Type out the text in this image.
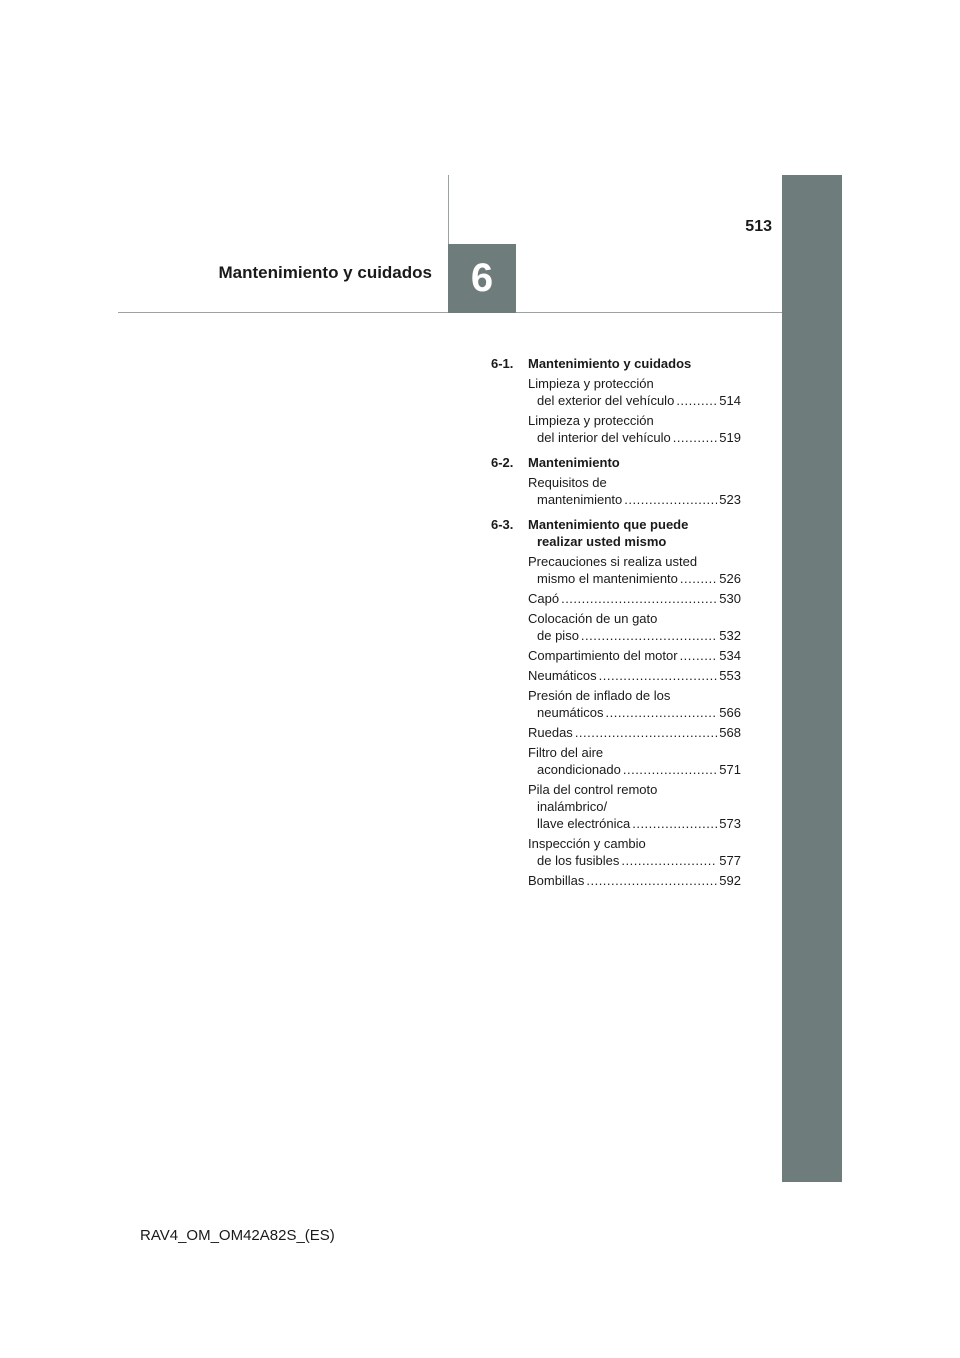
513
Mantenimiento y cuidados 6
6-1.	Mantenimiento y cuidados
Limpieza y protección
del exterior del vehículo .....	514
Limpieza y protección
del interior del vehículo .....	519
6-2.	Mantenimiento
Requisitos de
mantenimiento .....	523
6-3.	Mantenimiento que puede
realizar usted mismo
Precauciones si realiza usted
mismo el mantenimiento .....	526
Capó .....	530
Colocación de un gato
de piso .....	532
Compartimiento del motor .....	534
Neumáticos .....	553
Presión de inflado de los
neumáticos .....	566
Ruedas .....	568
Filtro del aire
acondicionado .....	571
Pila del control remoto
inalámbrico/
llave electrónica .....	573
Inspección y cambio
de los fusibles .....	577
Bombillas .....	592
RAV4_OM_OM42A82S_(ES)
